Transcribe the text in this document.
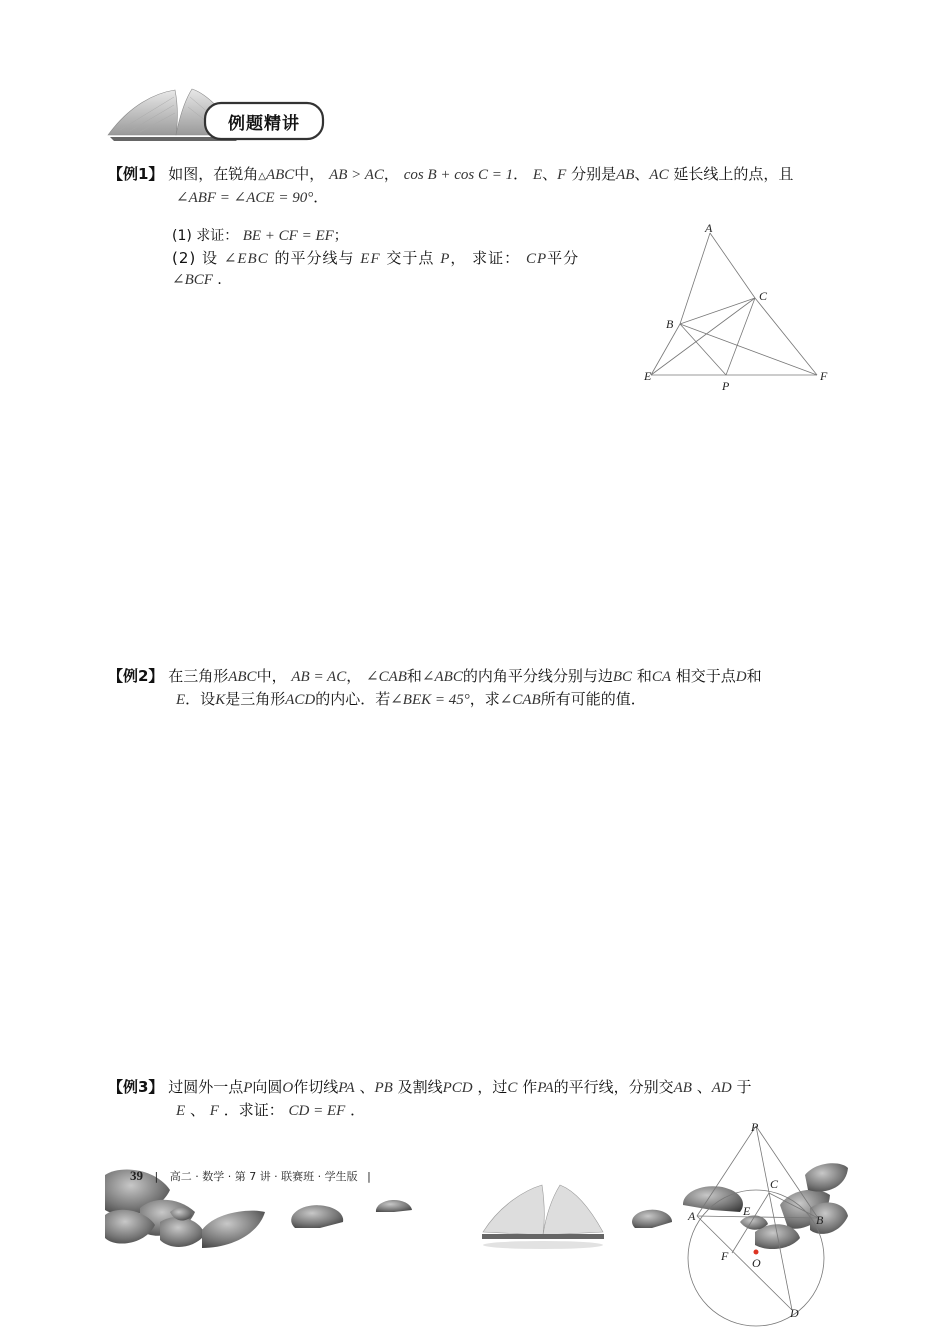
例题精讲
【例1】 如图，在锐角△ABC中， AB > AC， cos B + cos C = 1． E、F 分别是AB、AC 延长线上的点，且
∠ABF = ∠ACE = 90°．
(1) 求证： BE + CF = EF；
(2) 设 ∠EBC 的平分线与 EF 交于点 P， 求证： CP平分
∠BCF ．
A
B
C
E	F
P
【例2】 在三角形ABC中， AB = AC， ∠CAB和∠ABC的内角平分线分别与边BC 和CA 相交于点D和
E．设K是三角形ACD的内心．若∠BEK = 45°，求∠CAB所有可能的值．
【例3】 过圆外一点P向圆O作切线PA 、PB 及割线PCD ，过C 作PA的平行线，分别交AB 、AD 于
E 、 F ．求证： CD = EF ．
39 | 高二 · 数学 · 第 7 讲 · 联赛班 · 学生版 |
P
A	B
C
D
E
F O
